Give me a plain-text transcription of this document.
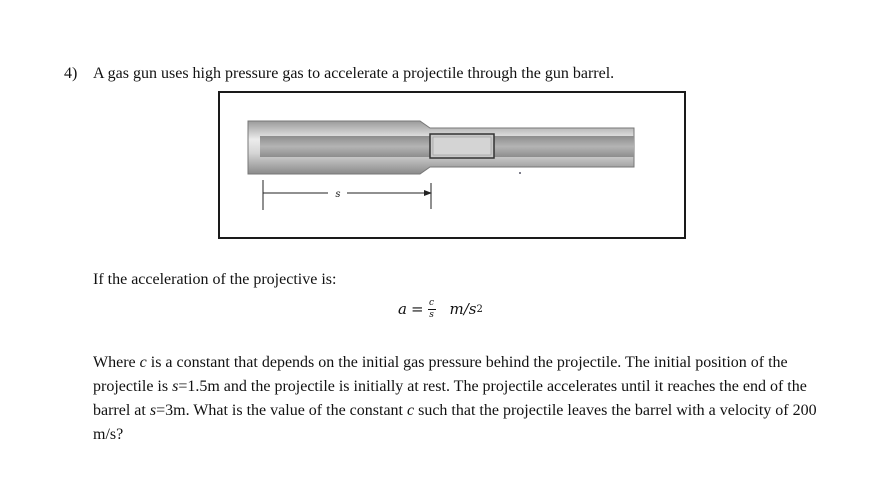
4) A gas gun uses high pressure gas to accelerate a projectile through the gun barrel.
s
If the acceleration of the projective is:
$a = \frac{c}{s} m/s$ 2

Where c is a constant that depends on the initial gas pressure behind the projectile. The initial position of the projectile is s=1.5m and the projectile is initially at rest. The projectile accelerates until it reaches the end of the barrel at s=3m. What is the value of the constant c such that the projectile leaves the barrel with a velocity of 200 m/s?
